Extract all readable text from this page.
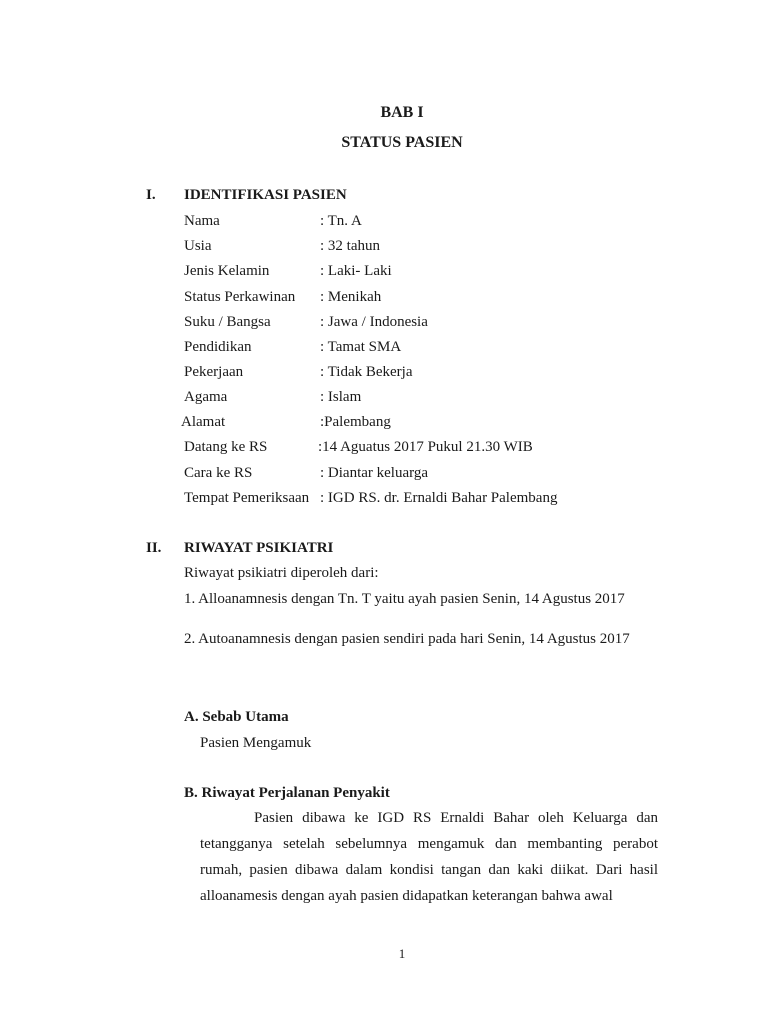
BAB I
STATUS PASIEN
I. IDENTIFIKASI PASIEN
Nama	: Tn. A
Usia	: 32 tahun
Jenis Kelamin	: Laki- Laki
Status Perkawinan : Menikah
Suku / Bangsa	: Jawa / Indonesia
Pendidikan	: Tamat SMA
Pekerjaan	: Tidak Bekerja
Agama	: Islam
Alamat	:Palembang
Datang ke RS	:14 Aguatus 2017 Pukul 21.30 WIB
Cara ke RS	: Diantar keluarga
Tempat Pemeriksaan : IGD RS. dr. Ernaldi Bahar Palembang
II. RIWAYAT PSIKIATRI
Riwayat psikiatri diperoleh dari:
1. Alloanamnesis dengan Tn. T yaitu ayah pasien Senin, 14 Agustus 2017
2. Autoanamnesis dengan pasien sendiri pada hari Senin, 14 Agustus 2017
A. Sebab Utama
Pasien Mengamuk
B. Riwayat Perjalanan Penyakit

Pasien dibawa ke IGD RS Ernaldi Bahar oleh Keluarga dan tetangganya setelah sebelumnya mengamuk dan membanting perabot rumah, pasien dibawa dalam kondisi tangan dan kaki diikat. Dari hasil alloanamesis dengan ayah pasien didapatkan keterangan bahwa awal

1
